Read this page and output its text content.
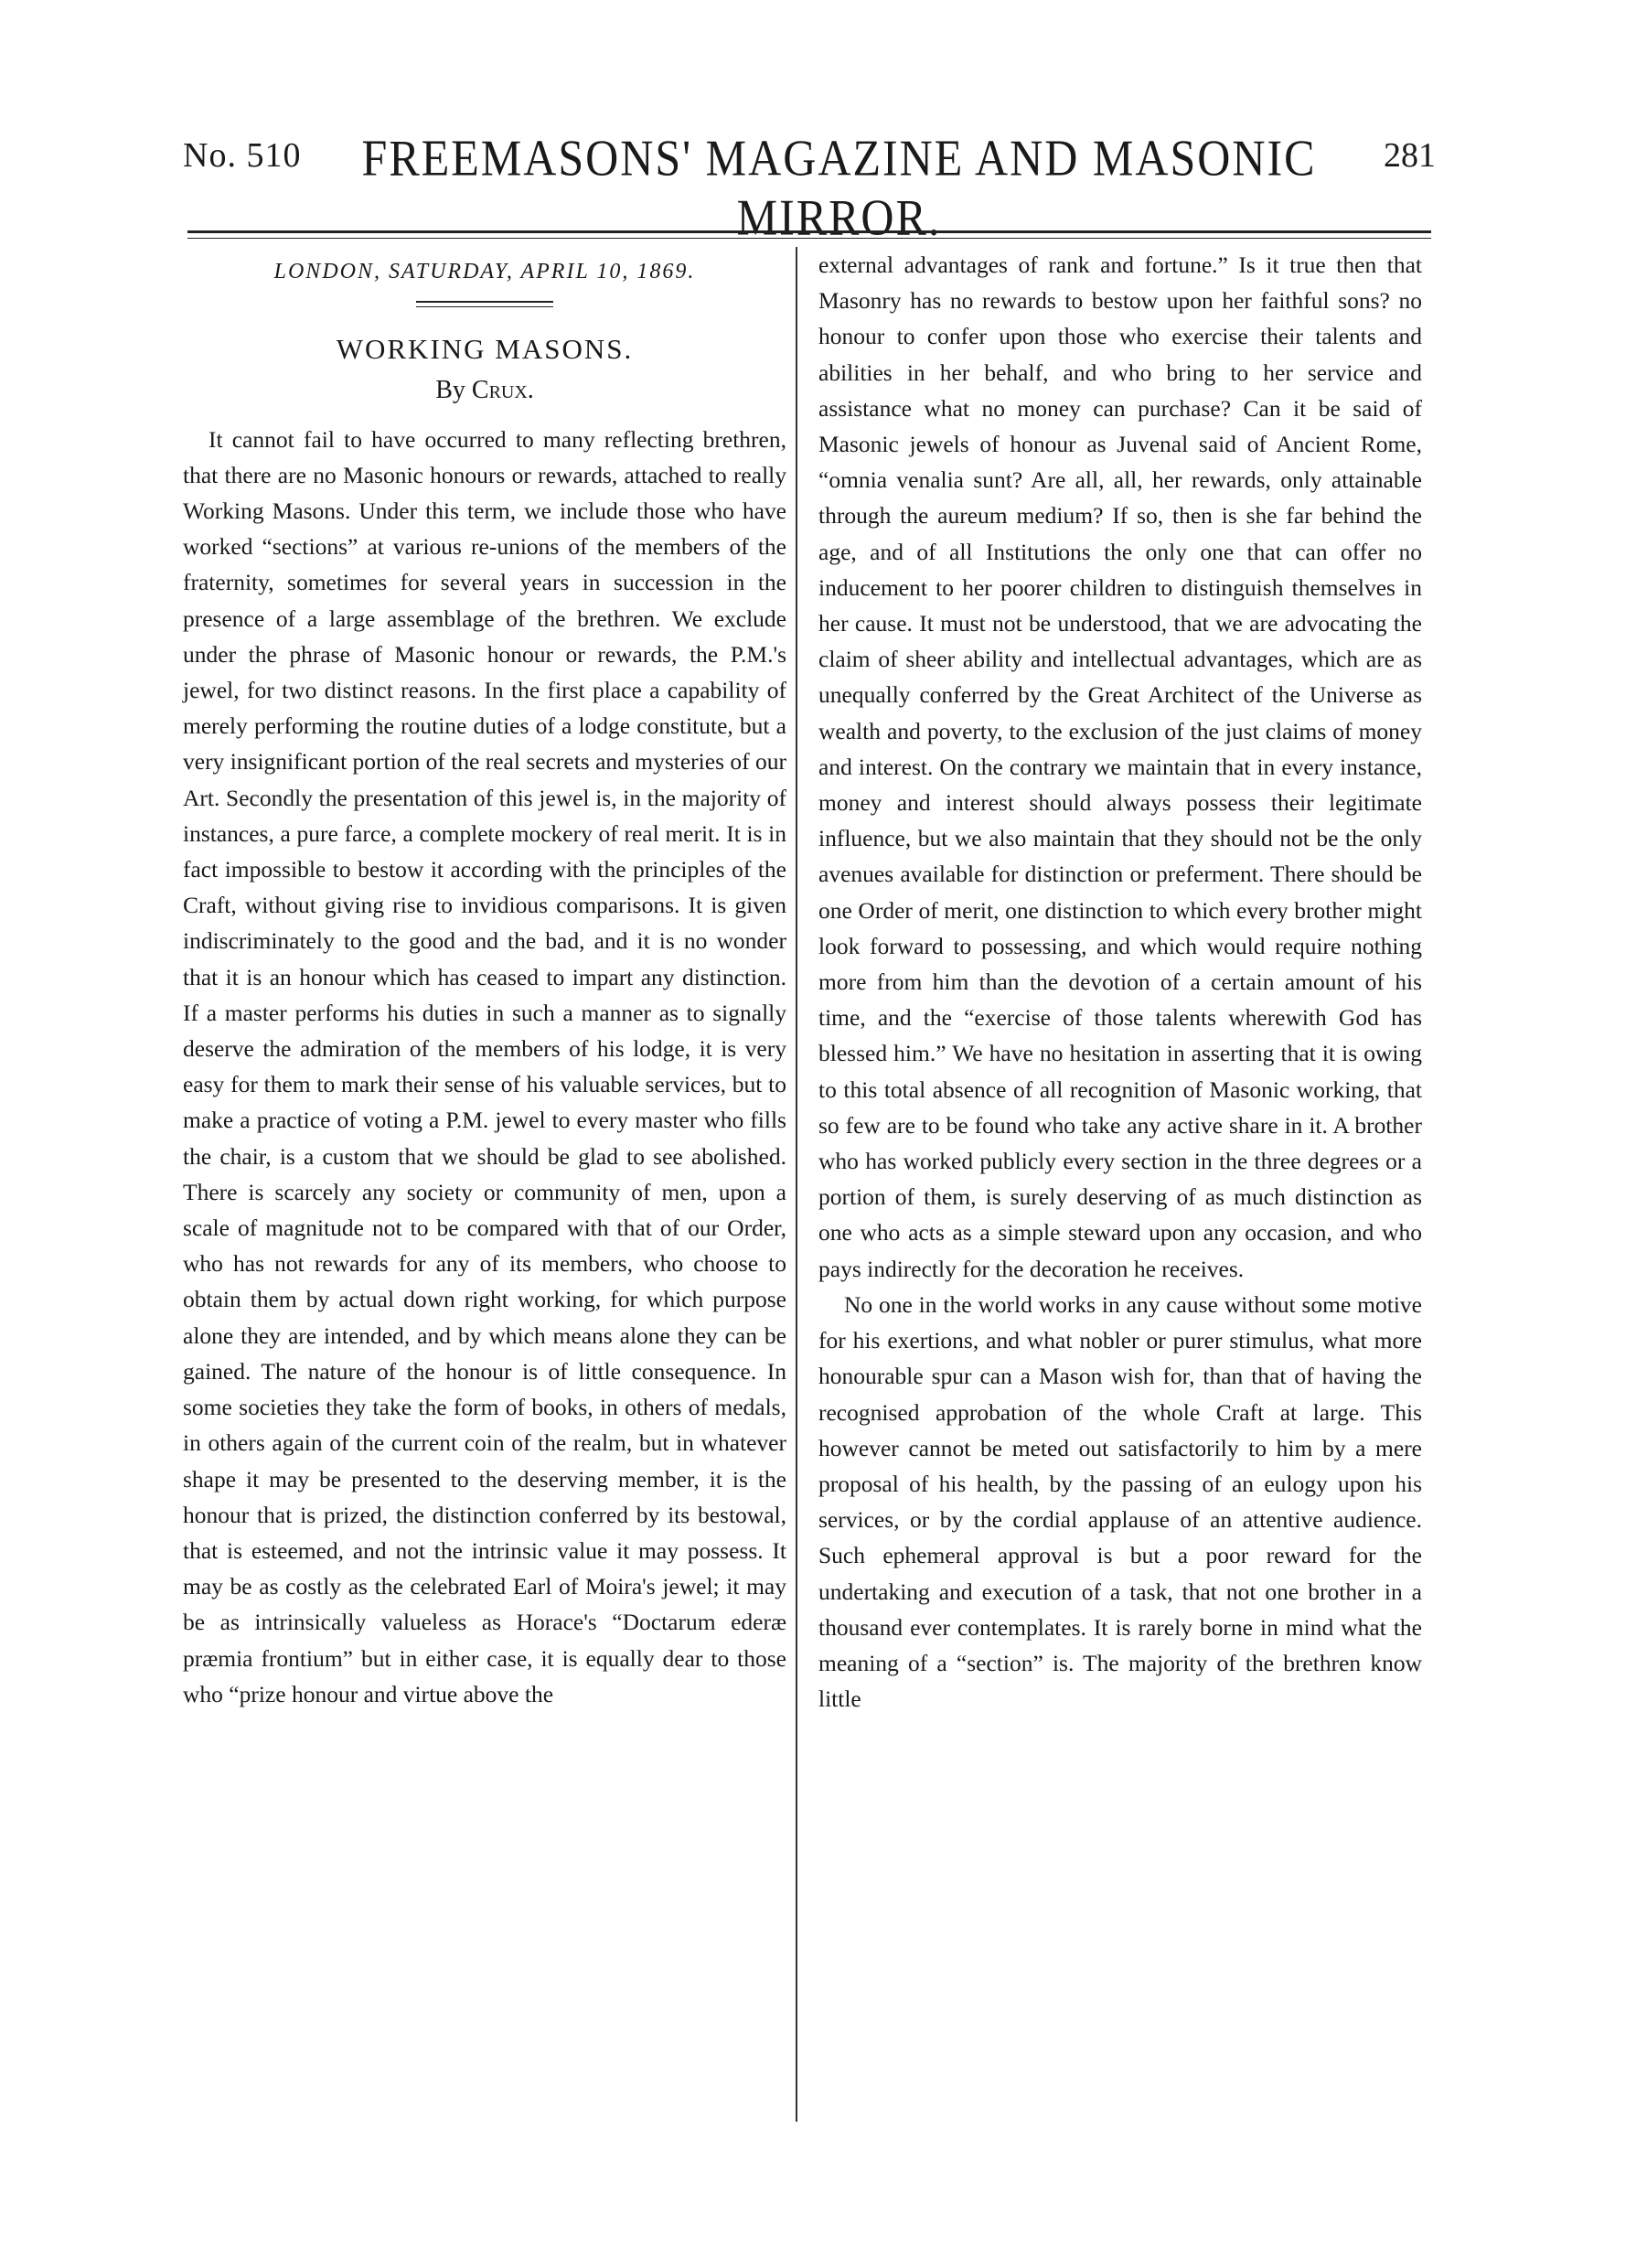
No. 510	FREEMASONS' MAGAZINE AND MASONIC MIRROR.
281
LONDON, SATURDAY, APRIL 10, 1869.
WORKING MASONS.
By Crux.

It cannot fail to have occurred to many reflecting brethren, that there are no Masonic honours or rewards, attached to really Working Masons. Under this term, we include those who have worked “sections” at various re-unions of the members of the fraternity, sometimes for several years in succession in the presence of a large assemblage of the brethren. We exclude under the phrase of Masonic honour or rewards, the P.M.'s jewel, for two distinct reasons. In the first place a capability of merely performing the routine duties of a lodge constitute, but a very insignificant portion of the real secrets and mysteries of our Art. Secondly the presentation of this jewel is, in the majority of instances, a pure farce, a complete mockery of real merit. It is in fact impossible to bestow it according with the principles of the Craft, without giving rise to invidious comparisons. It is given indiscriminately to the good and the bad, and it is no wonder that it is an honour which has ceased to impart any distinction. If a master performs his duties in such a manner as to signally deserve the admiration of the members of his lodge, it is very easy for them to mark their sense of his valuable services, but to make a practice of voting a P.M. jewel to every master who fills the chair, is a custom that we should be glad to see abolished. There is scarcely any society or community of men, upon a scale of magnitude not to be compared with that of our Order, who has not rewards for any of its members, who choose to obtain them by actual down right working, for which purpose alone they are intended, and by which means alone they can be gained. The nature of the honour is of little consequence. In some societies they take the form of books, in others of medals, in others again of the current coin of the realm, but in whatever shape it may be presented to the deserving member, it is the honour that is prized, the distinction conferred by its bestowal, that is esteemed, and not the intrinsic value it may possess. It may be as costly as the celebrated Earl of Moira's jewel; it may be as intrinsically valueless as Horace's “Doctarum ederæ præmia frontium” but in either case, it is equally dear to those who “prize honour and virtue above the

external advantages of rank and fortune.” Is it true then that Masonry has no rewards to bestow upon her faithful sons? no honour to confer upon those who exercise their talents and abilities in her behalf, and who bring to her service and assistance what no money can purchase? Can it be said of Masonic jewels of honour as Juvenal said of Ancient Rome, “omnia venalia sunt? Are all, all, her rewards, only attainable through the aureum medium? If so, then is she far behind the age, and of all Institutions the only one that can offer no inducement to her poorer children to distinguish themselves in her cause. It must not be understood, that we are advocating the claim of sheer ability and intellectual advantages, which are as unequally conferred by the Great Architect of the Universe as wealth and poverty, to the exclusion of the just claims of money and interest. On the contrary we maintain that in every instance, money and interest should always possess their legitimate influence, but we also maintain that they should not be the only avenues available for distinction or preferment. There should be one Order of merit, one distinction to which every brother might look forward to possessing, and which would require nothing more from him than the devotion of a certain amount of his time, and the “exercise of those talents wherewith God has blessed him.” We have no hesitation in asserting that it is owing to this total absence of all recognition of Masonic working, that so few are to be found who take any active share in it. A brother who has worked publicly every section in the three degrees or a portion of them, is surely deserving of as much distinction as one who acts as a simple steward upon any occasion, and who pays indirectly for the decoration he receives.

No one in the world works in any cause without some motive for his exertions, and what nobler or purer stimulus, what more honourable spur can a Mason wish for, than that of having the recognised approbation of the whole Craft at large. This however cannot be meted out satisfactorily to him by a mere proposal of his health, by the passing of an eulogy upon his services, or by the cordial applause of an attentive audience. Such ephemeral approval is but a poor reward for the undertaking and execution of a task, that not one brother in a thousand ever contemplates. It is rarely borne in mind what the meaning of a “section” is. The majority of the brethren know little
